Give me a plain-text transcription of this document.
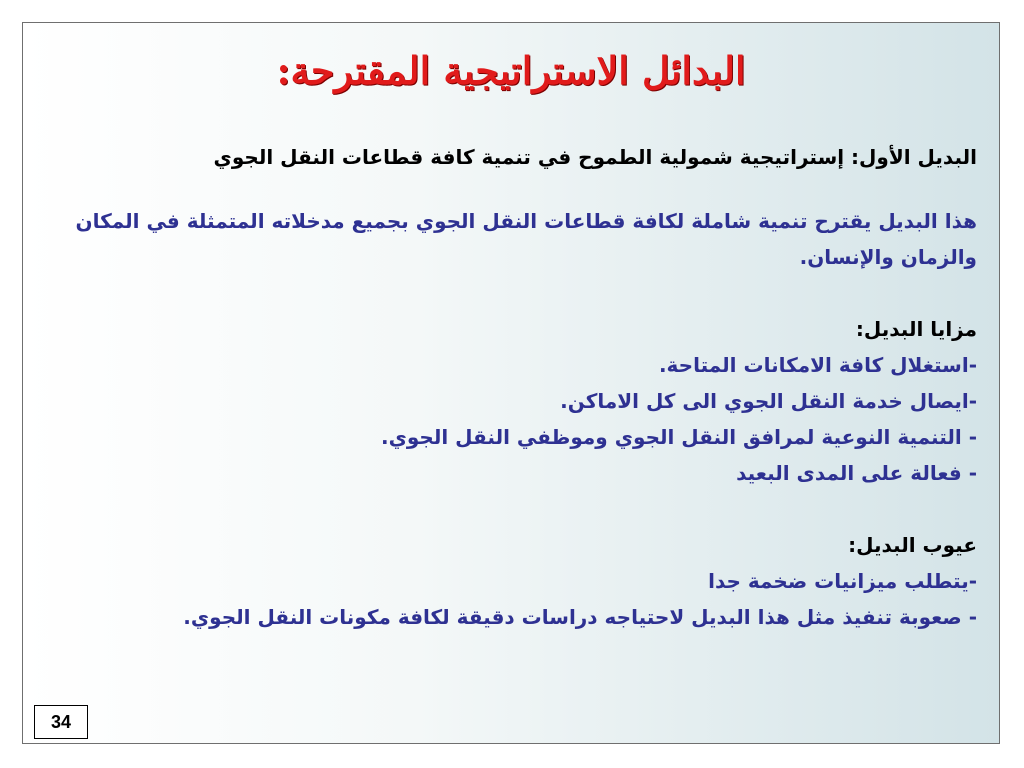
البدائل الاستراتيجية المقترحة:
البديل الأول: إستراتيجية شمولية الطموح في تنمية كافة قطاعات النقل الجوي
هذا البديل يقترح تنمية شاملة لكافة قطاعات النقل الجوي بجميع مدخلاته المتمثلة في المكان والزمان والإنسان.
مزايا البديل:
-استغلال كافة الامكانات المتاحة.
-ايصال خدمة النقل الجوي الى كل الاماكن.
- التنمية النوعية لمرافق النقل الجوي وموظفي النقل الجوي.
- فعالة على المدى البعيد
عيوب البديل:
-يتطلب ميزانيات ضخمة جدا
- صعوبة تنفيذ مثل هذا البديل لاحتياجه دراسات دقيقة لكافة مكونات النقل الجوي.
34
